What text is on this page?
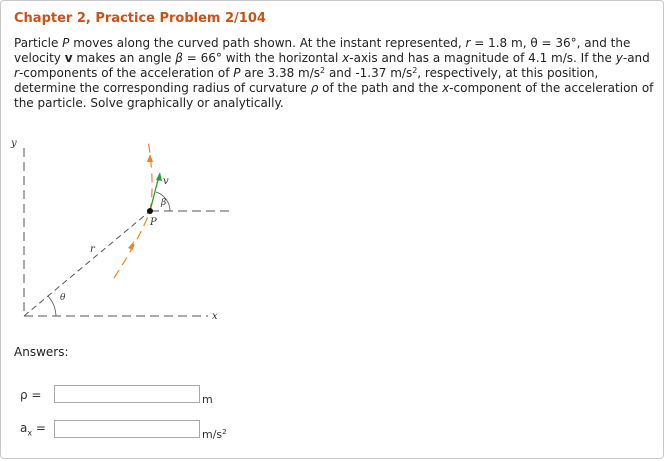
Chapter 2, Practice Problem 2/104
Particle P moves along the curved path shown. At the instant represented, r = 1.8 m, θ = 36°, and the velocity v makes an angle β = 66° with the horizontal x-axis and has a magnitude of 4.1 m/s. If the y-and r-components of the acceleration of P are 3.38 $m/s^2$ and -1.37 $m/s^2$, respectively, at this position, determine the corresponding radius of curvature ρ of the path and the x-component of the acceleration of the particle. Solve graphically or analytically.
y
x
r
θ
v
β
P
Answers:
ρ =	m
$a_x$ =	$m/s^2$
